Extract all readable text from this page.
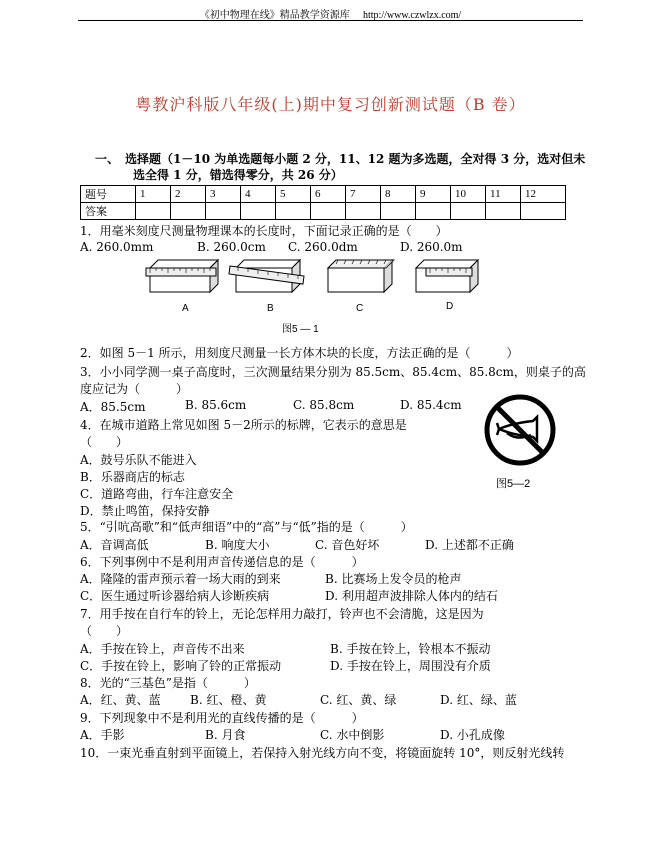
《初中物理在线》精品教学资源库 http://www.czwlzx.com/
粤教沪科版八年级(上)期中复习创新测试题（B 卷）
一、　选择题（1－10 为单选题每小题 2 分，11、12 题为多选题，全对得 3 分，选对但未
选全得 1 分，错选得零分，共 26 分）
题号	1	2	3	4	5	6	7	8	9	10	11	12
答案												
1．用毫米刻度尺测量物理课本的长度时，下面记录正确的是（　　）
A. 260.0mm	B. 260.0cm C. 260.0dm	D. 260.0m
A	B	C	D
图5 — 1
2．如图 5－1 所示，用刻度尺测量一长方体木块的长度，方法正确的是（　　　）
3．小小同学测一桌子高度时，三次测量结果分别为 85.5cm、85.4cm、85.8cm，则桌子的高
度应记为（　　　）
A．85.5cm	B. 85.6cm	C. 85.8cm	D. 85.4cm
4．在城市道路上常见如图 5－2所示的标牌，它表示的意思是
（　　）
A．鼓号乐队不能进入
B．乐器商店的标志
C．道路弯曲，行车注意安全
D．禁止鸣笛，保持安静
图5—2
5．“引吭高歌”和“低声细语”中的“高”与“低”指的是（　　　）
A．音调高低	B. 响度大小	C. 音色好坏	D. 上述都不正确
6．下列事例中不是利用声音传递信息的是（　　　）
A．隆隆的雷声预示着一场大雨的到来	B. 比赛场上发令员的枪声
C．医生通过听诊器给病人诊断疾病	D. 利用超声波排除人体内的结石
7．用手按在自行车的铃上，无论怎样用力敲打，铃声也不会清脆，这是因为
（　　）
A．手按在铃上，声音传不出来	B. 手按在铃上，铃根本不振动
C．手按在铃上，影响了铃的正常振动	D. 手按在铃上，周围没有介质
8．光的“三基色”是指（　　　）
A．红、黄、蓝 B. 红、橙、黄	C. 红、黄、绿	D. 红、绿、蓝
9．下列现象中不是利用光的直线传播的是（　　　）
A．手影	B. 月食	C. 水中倒影	D. 小孔成像
10．一束光垂直射到平面镜上，若保持入射光线方向不变，将镜面旋转 10°，则反射光线转
